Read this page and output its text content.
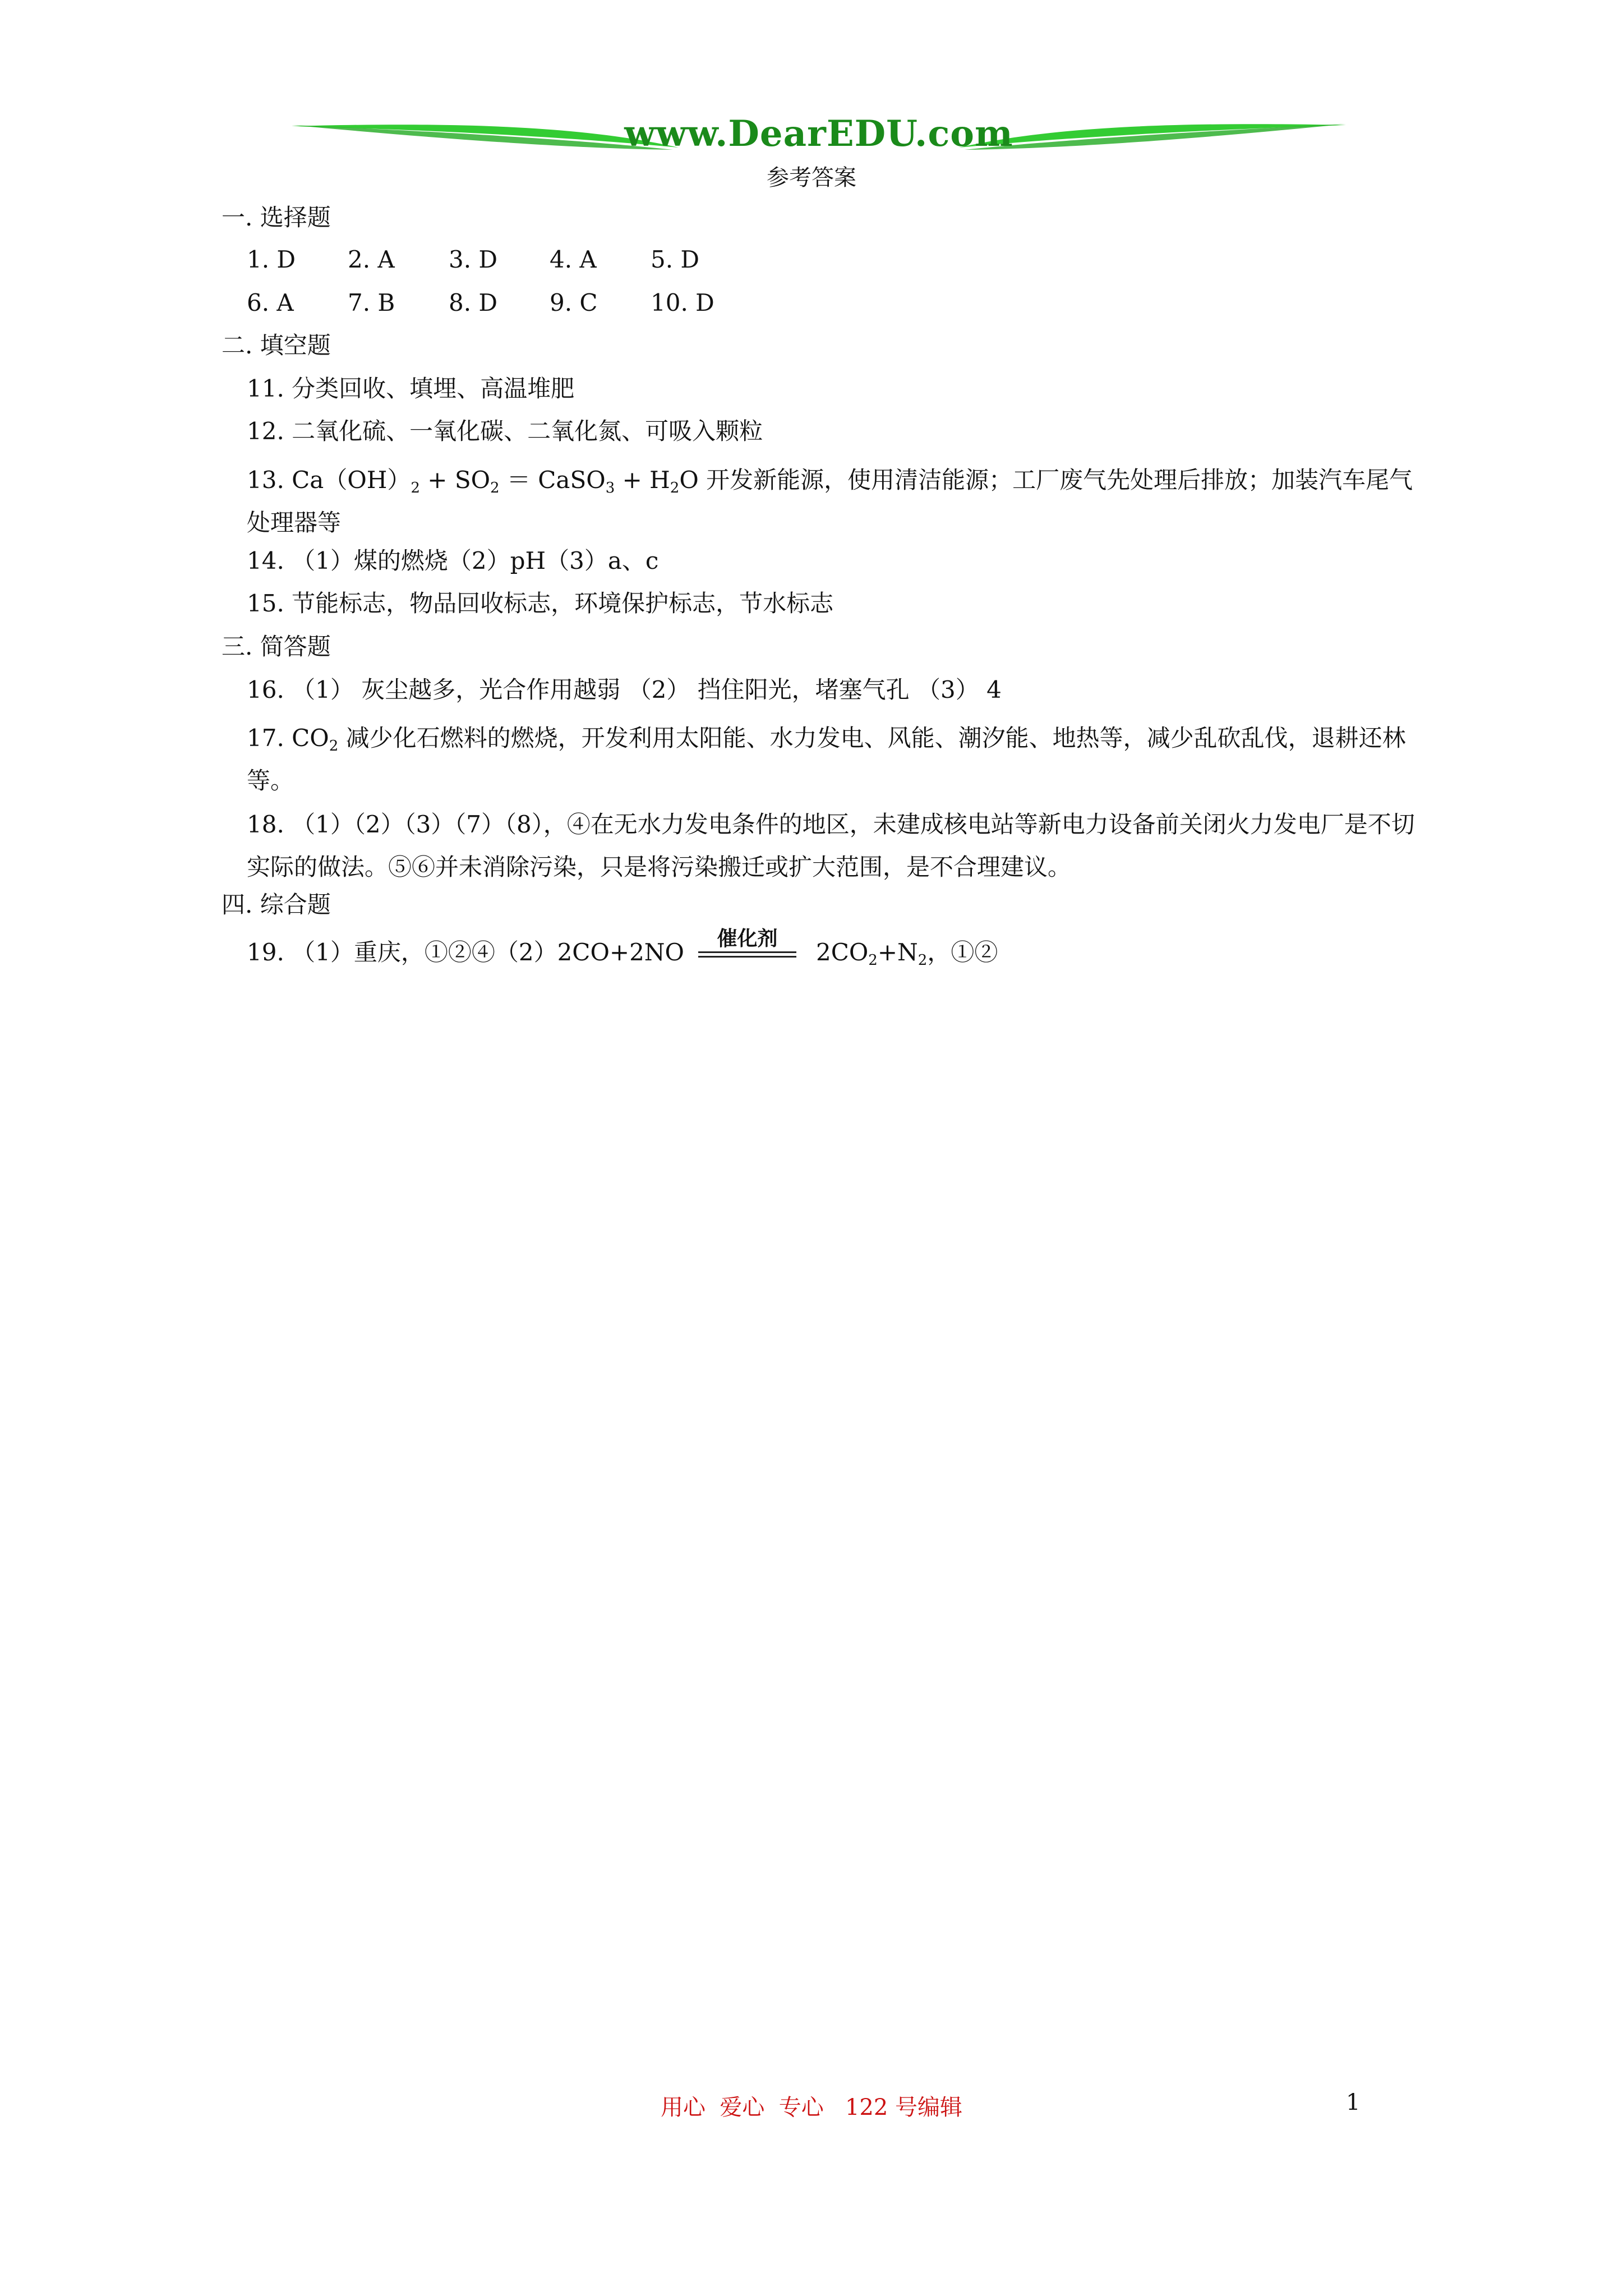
www.DearEDU.com
参考答案
一. 选择题
1. D 2. A 3. D 4. A 5. D
6. A 7. B 8. D 9. C 10. D
二. 填空题
11. 分类回收、填埋、高温堆肥
12. 二氧化硫、一氧化碳、二氧化氮、可吸入颗粒
13. $Ca(OH)_2 + SO_2$ ＝ CaSO$_3$ + $H_2O$ 开发新能源，使用清洁能源；工厂废气先处理后排放；加装汽车尾气处理器等
14. （1）煤的燃烧（2）pH（3）a、c
15. 节能标志，物品回收标志，环境保护标志，节水标志
三. 简答题
16. （1） 灰尘越多，光合作用越弱 （2） 挡住阳光，堵塞气孔 （3） 4
17. $CO_2$ 减少化石燃料的燃烧，开发利用太阳能、水力发电、风能、潮汐能、地热等，减少乱砍乱伐，退耕还林等。
18. （1）（2）（3）（7）（8），④在无水力发电条件的地区，未建成核电站等新电力设备前关闭火力发电厂是不切实际的做法。⑤⑥并未消除污染，只是将污染搬迁或扩大范围，是不合理建议。
四. 综合题
19. （1）重庆，①②④（2）2CO+2NO	催化剂	$2CO_2+N_2$，①②
用心  爱心  专心   122 号编辑	1
